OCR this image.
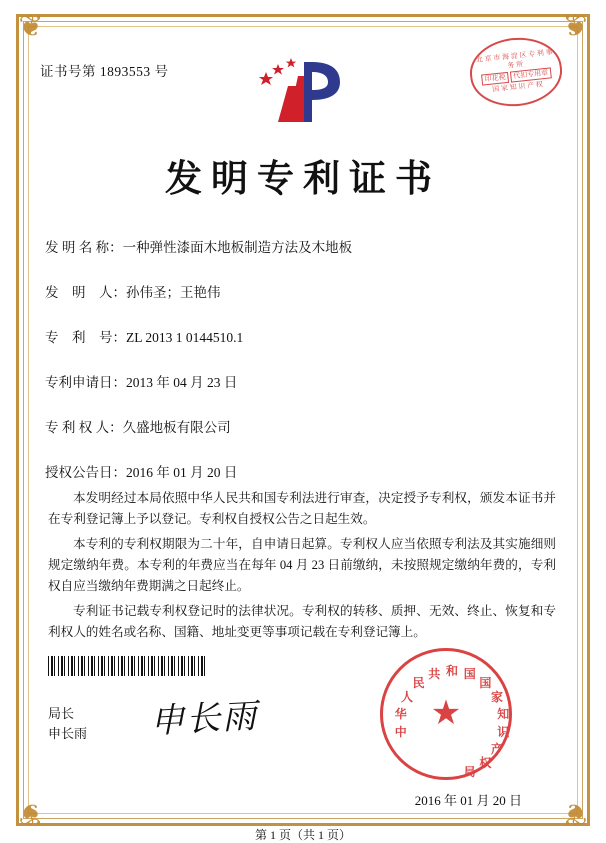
❦	❦
❦	❦
证书号第 1893553 号
北 京 市 海 淀 区 专 利 事 务 所
印花税 代扣专用章
国 家 知 识 产 权
发明专利证书
发 明 名 称：一种弹性漆面木地板制造方法及木地板
发　明　人：孙伟圣；王艳伟
专　利　号：ZL 2013 1 0144510.1
专利申请日：2013 年 04 月 23 日
专 利 权 人：久盛地板有限公司
授权公告日：2016 年 01 月 20 日

本发明经过本局依照中华人民共和国专利法进行审查，决定授予专利权，颁发本证书并在专利登记簿上予以登记。专利权自授权公告之日起生效。

本专利的专利权期限为二十年，自申请日起算。专利权人应当依照专利法及其实施细则规定缴纳年费。本专利的年费应当在每年 04 月 23 日前缴纳，未按照规定缴纳年费的，专利权自应当缴纳年费期满之日起终止。

专利证书记载专利权登记时的法律状况。专利权的转移、质押、无效、终止、恢复和专利权人的姓名或名称、国籍、地址变更等事项记载在专利登记簿上。

局长
申长雨 申长雨	中
华
人
民
共 和 国
国
家
知
识
产
权
局
★
2016 年 01 月 20 日
第 1 页（共 1 页）
